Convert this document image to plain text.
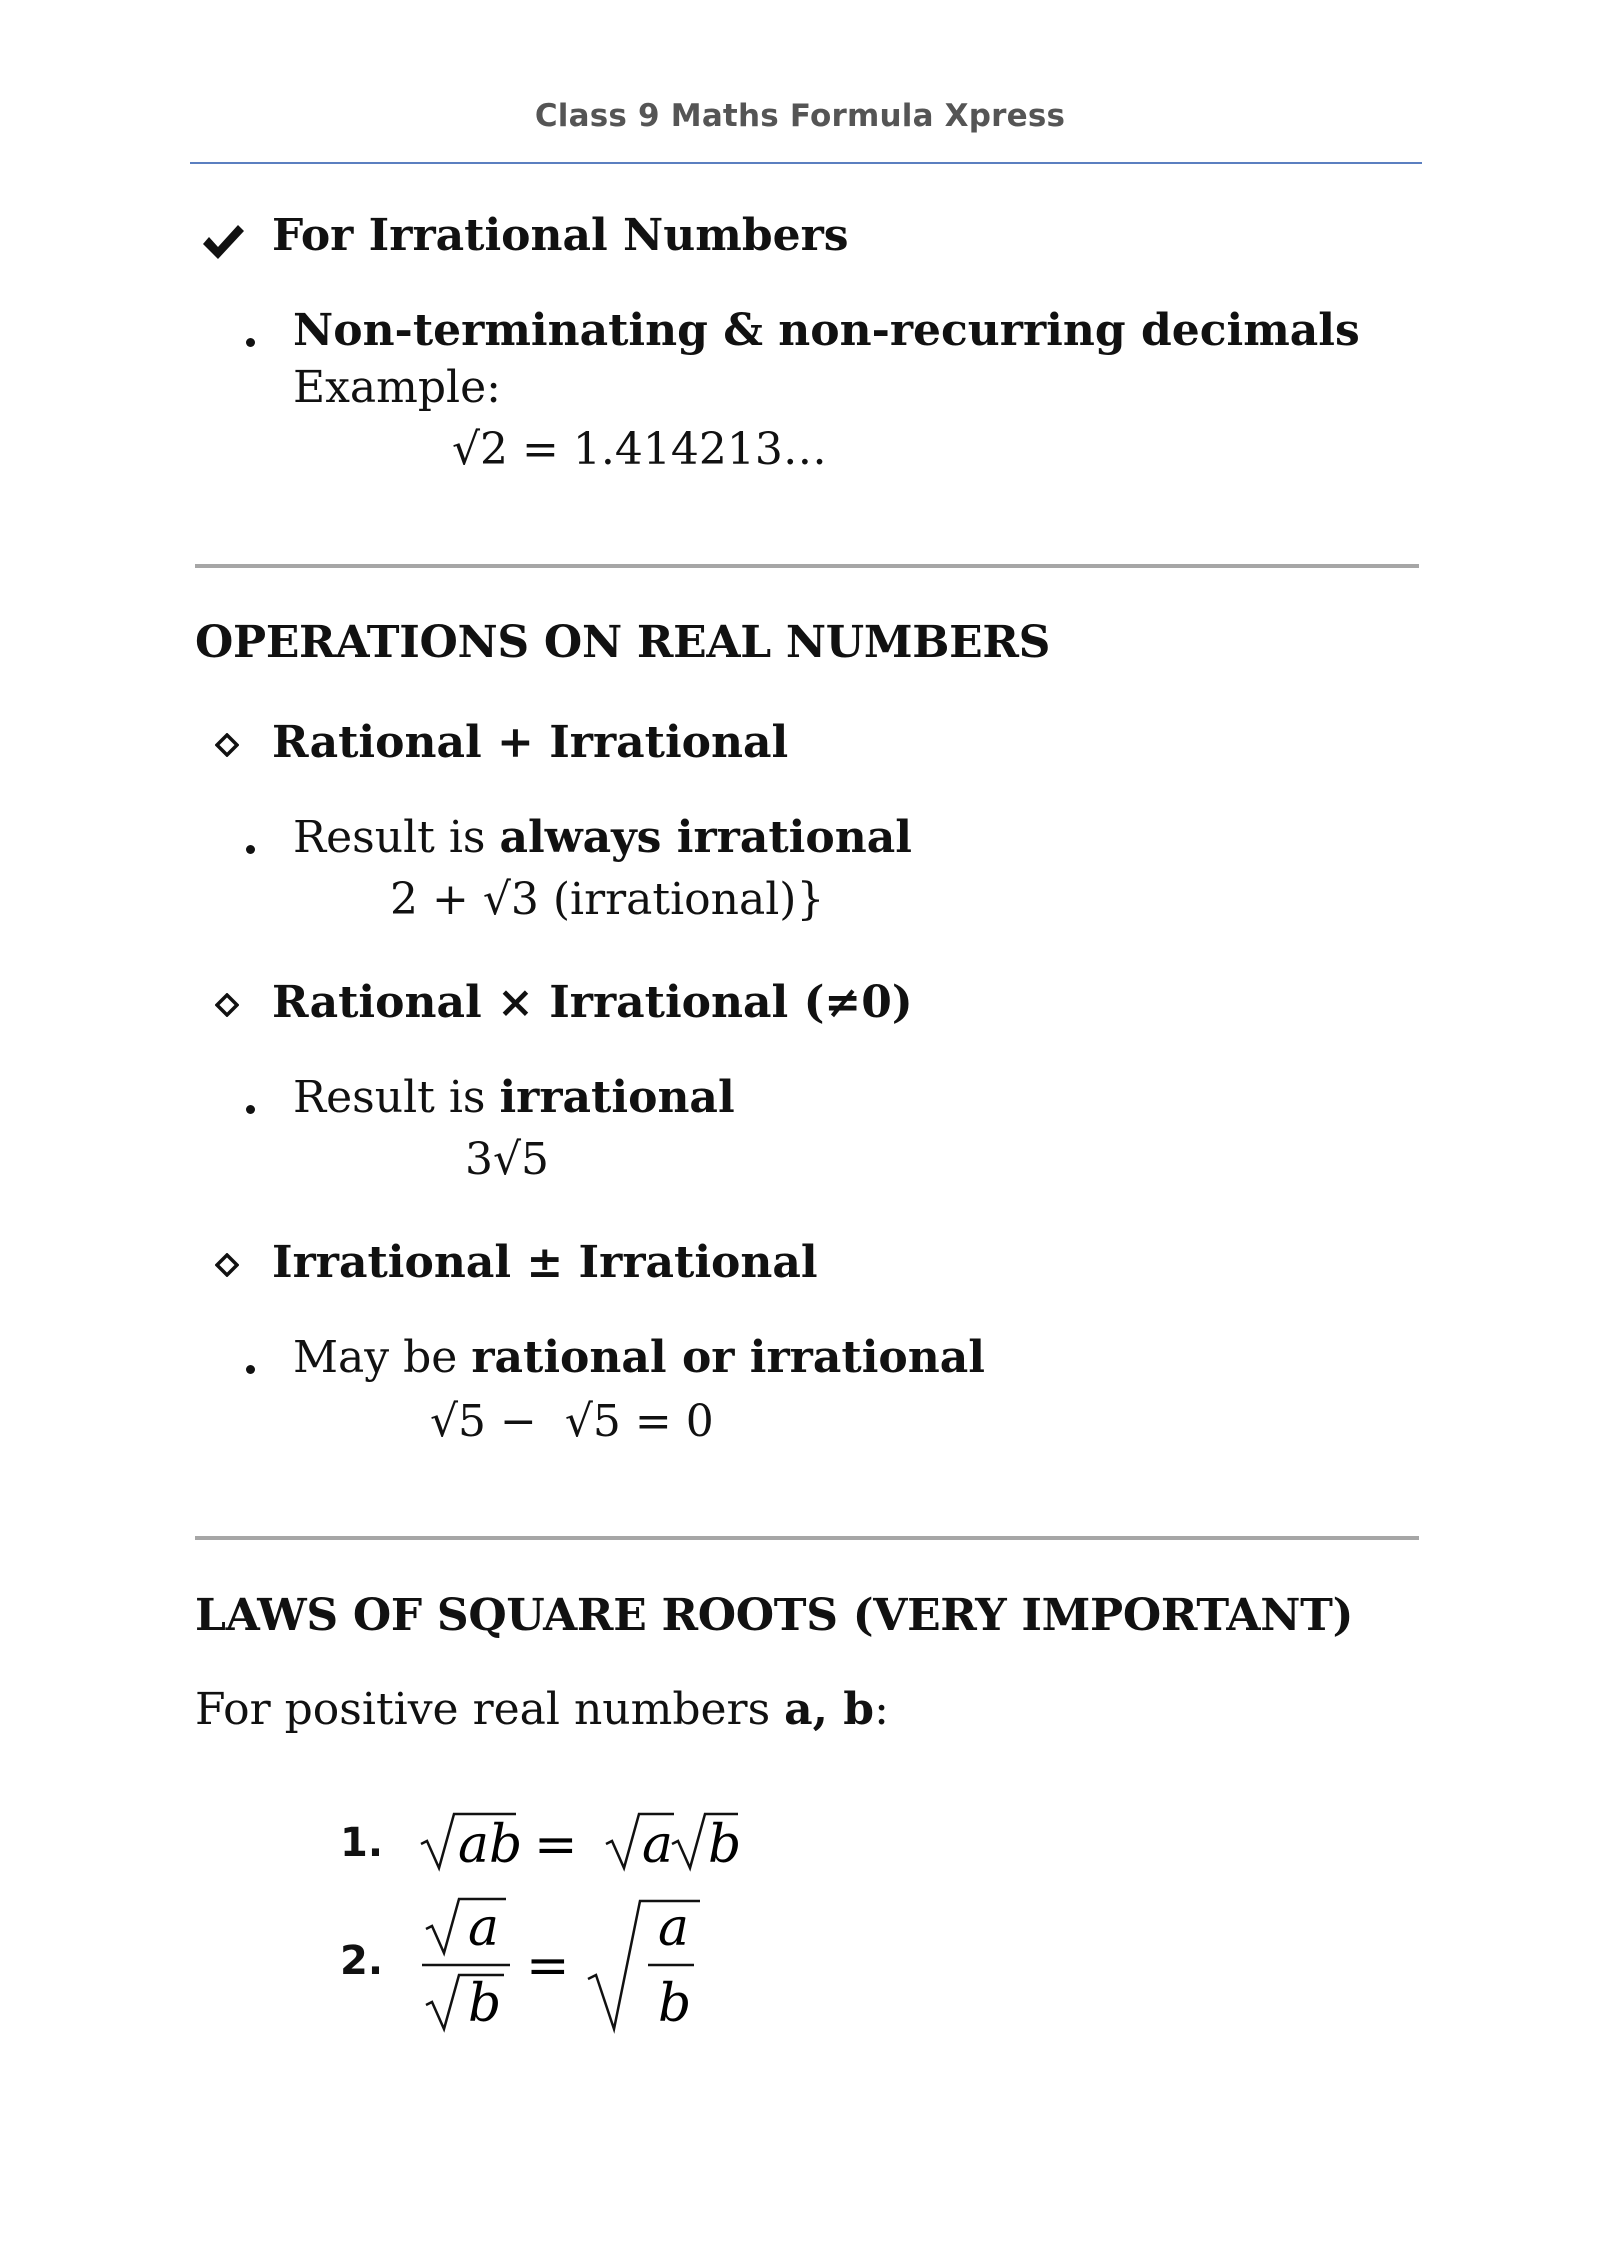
Class 9 Maths Formula Xpress
For Irrational Numbers
Non-terminating & non-recurring decimals
Example:
√2 = 1.414213…
OPERATIONS ON REAL NUMBERS
Rational + Irrational
Result is always irrational
2 + √3 (irrational)}
Rational × Irrational (≠0)
Result is irrational
3√5
Irrational ± Irrational
May be rational or irrational
√5 −  √5 = 0
LAWS OF SQUARE ROOTS (VERY IMPORTANT)
For positive real numbers a, b:
1. ab = a b
2.
a
b
=
a
b
